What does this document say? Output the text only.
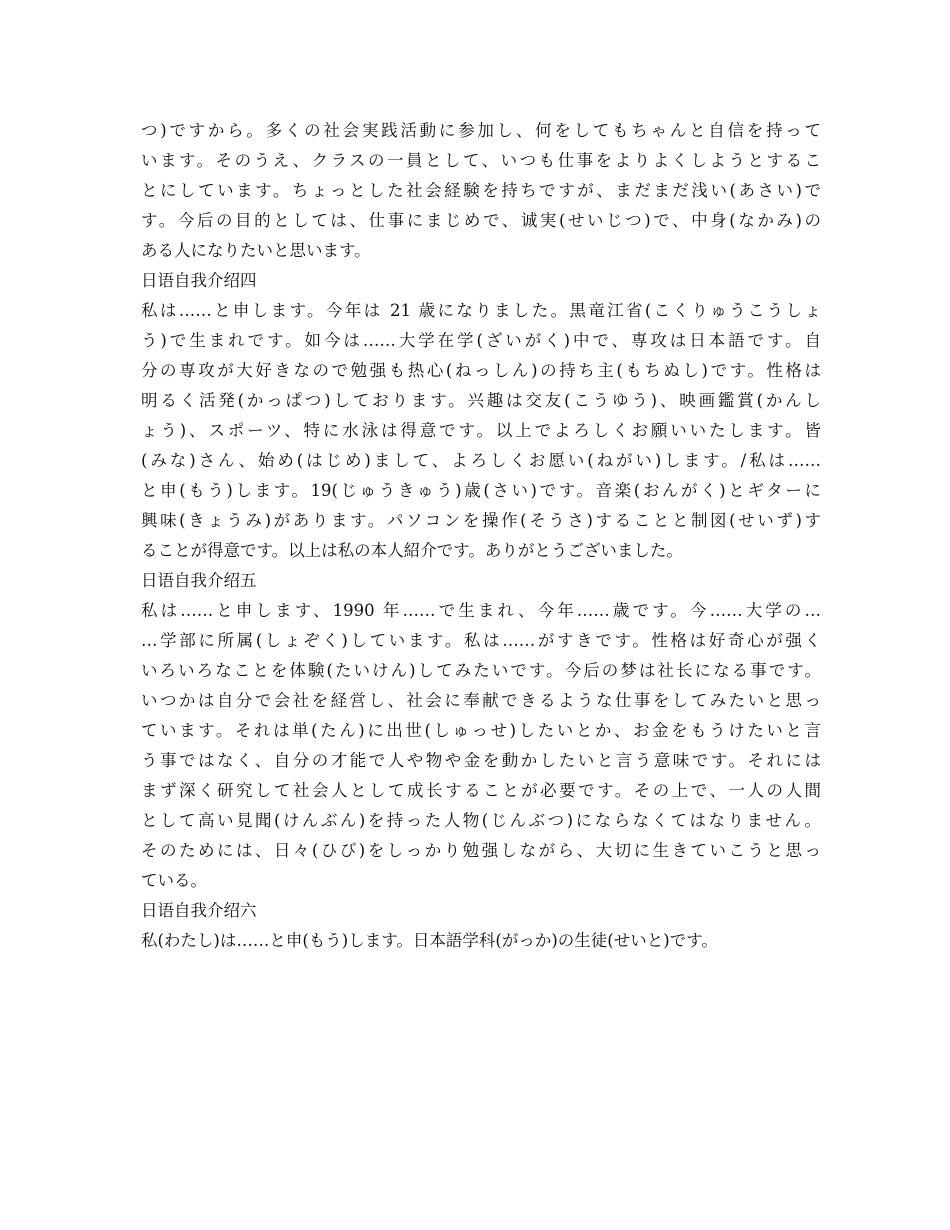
つ)ですから。多くの社会実践活動に参加し、何をしてもちゃんと自信を持って
います。そのうえ、クラスの一員として、いつも仕事をよりよくしようとするこ
とにしています。ちょっとした社会経験を持ちですが、まだまだ浅い(あさい)で
す。今后の目的としては、仕事にまじめで、诚実(せいじつ)で、中身(なかみ)の
ある人になりたいと思います。
日语自我介绍四
私は……と申します。今年は 21 歳になりました。黒竜江省(こくりゅうこうしょ
う)で生まれです。如今は……大学在学(ざいがく)中で、専攻は日本語です。自
分の専攻が大好きなので勉强も热心(ねっしん)の持ち主(もちぬし)です。性格は
明るく活発(かっぱつ)しております。兴趣は交友(こうゆう)、映画鑑賞(かんし
ょう)、スポーツ、特に水泳は得意です。以上でよろしくお願いいたします。皆
(みな)さん、始め(はじめ)まして、よろしくお愿い(ねがい)します。/私は……
と申(もう)します。19(じゅうきゅう)歳(さい)です。音楽(おんがく)とギターに
興味(きょうみ)があります。パソコンを操作(そうさ)することと制図(せいず)す
ることが得意です。以上は私の本人紹介です。ありがとうございました。
日语自我介绍五
私は……と申します、1990 年……で生まれ、今年……歳です。今……大学の…
…学部に所属(しょぞく)しています。私は……がすきです。性格は好奇心が强く
いろいろなことを体験(たいけん)してみたいです。今后の梦は社长になる事です。
いつかは自分で会社を経営し、社会に奉献できるような仕事をしてみたいと思っ
ています。それは単(たん)に出世(しゅっせ)したいとか、お金をもうけたいと言
う事ではなく、自分の才能で人や物や金を動かしたいと言う意味です。それには
まず深く研究して社会人として成长することが必要です。その上で、一人の人間
として高い見聞(けんぶん)を持った人物(じんぶつ)にならなくてはなりません。
そのためには、日々(ひび)をしっかり勉强しながら、大切に生きていこうと思っ
ている。
日语自我介绍六
私(わたし)は……と申(もう)します。日本語学科(がっか)の生徒(せいと)です。
